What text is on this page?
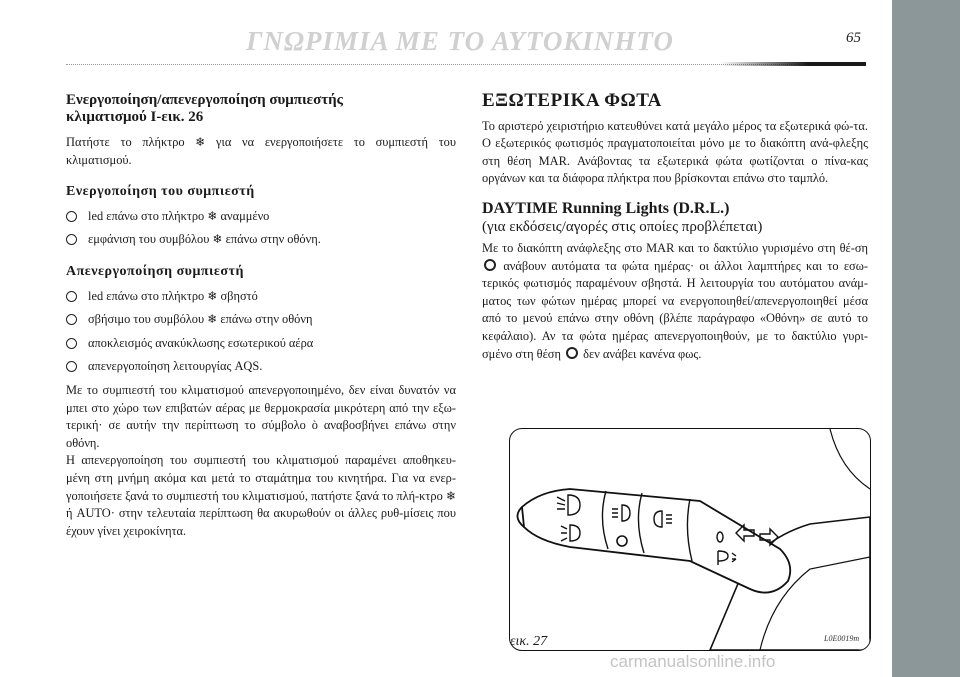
ΓΝΩΡΙΜΙΑ ΜΕ ΤΟ ΑΥΤΟΚΙΝΗΤΟ	65
Ενεργοποίηση/απενεργοποίηση συμπιεστής
κλιματισμού I-εικ. 26

Πατήστε το πλήκτρο ❄ για να ενεργοποιήσετε το συμπιεστή του κλιματισμού.

Ενεργοποίηση του συμπιεστή
led επάνω στο πλήκτρο ❄ αναμμένο
εμφάνιση του συμβόλου ❄ επάνω στην οθόνη.
Απενεργοποίηση συμπιεστή
led επάνω στο πλήκτρο ❄ σβηστό
σβήσιμο του συμβόλου ❄ επάνω στην οθόνη
αποκλεισμός ανακύκλωσης εσωτερικού αέρα
απενεργοποίηση λειτουργίας AQS.

Με το συμπιεστή του κλιματισμού απενεργοποιημένο, δεν είναι δυνατόν να μπει στο χώρο των επιβατών αέρας με θερμοκρασία μικρότερη από την εξω-τερική· σε αυτήν την περίπτωση το σύμβολο ò αναβοσβήνει επάνω στην οθόνη.

Η απενεργοποίηση του συμπιεστή του κλιματισμού παραμένει αποθηκευ-μένη στη μνήμη ακόμα και μετά το σταμάτημα του κινητήρα. Για να ενερ-γοποιήσετε ξανά το συμπιεστή του κλιματισμού, πατήστε ξανά το πλή-κτρο ❄ ή AUTO· στην τελευταία περίπτωση θα ακυρωθούν οι άλλες ρυθ-μίσεις που έχουν γίνει χειροκίνητα.

ΕΞΩΤΕΡΙΚΑ ΦΩΤΑ

Το αριστερό χειριστήριο κατευθύνει κατά μεγάλο μέρος τα εξωτερικά φώ-τα. Ο εξωτερικός φωτισμός πραγματοποιείται μόνο με το διακόπτη ανά-φλεξης στη θέση MAR. Ανάβοντας τα εξωτερικά φώτα φωτίζονται ο πίνα-κας οργάνων και τα διάφορα πλήκτρα που βρίσκονται επάνω στο ταμπλό.

DAYTIME Running Lights (D.R.L.)
(για εκδόσεις/αγορές στις οποίες προβλέπεται)

Με το διακόπτη ανάφλεξης στο MAR και το δακτύλιο γυρισμένο στη θέ-ση  ανάβουν αυτόματα τα φώτα ημέρας· οι άλλοι λαμπτήρες και το εσω-τερικός φωτισμός παραμένουν σβηστά. Η λειτουργία του αυτόματου ανάμ-ματος των φώτων ημέρας μπορεί να ενεργοποιηθεί/απενεργοποιηθεί μέσα από το μενού επάνω στην οθόνη (βλέπε παράγραφο «Οθόνη» σε αυτό το κεφάλαιο). Αν τα φώτα ημέρας απενεργοποιηθούν, με το δακτύλιο γυρι-σμένο στη θέση  δεν ανάβει κανένα φως.

εικ. 27	L0E0019m
carmanualsonline.info
